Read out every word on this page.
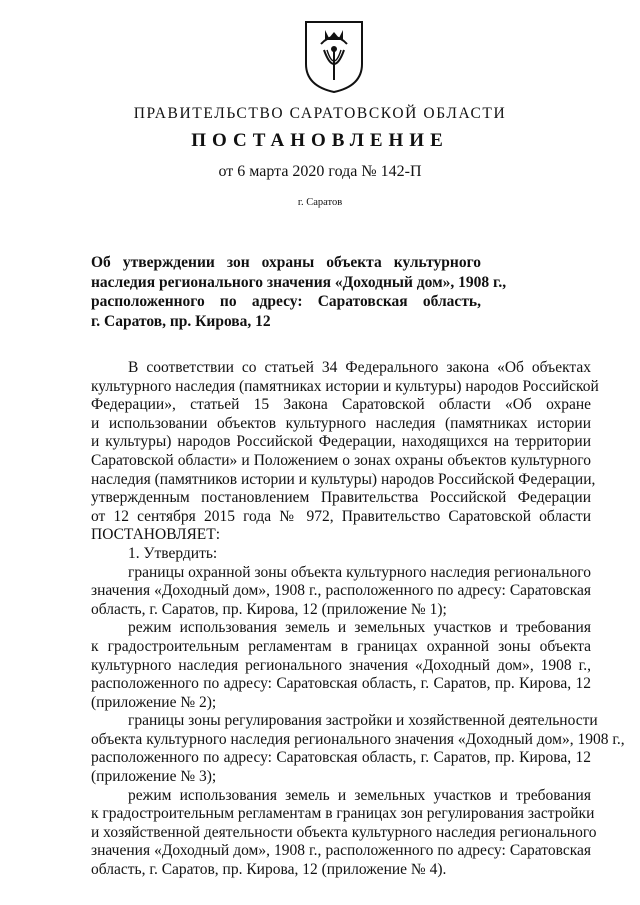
ПРАВИТЕЛЬСТВО САРАТОВСКОЙ ОБЛАСТИ
ПОСТАНОВЛЕНИЕ
от 6 марта 2020 года № 142-П
г. Саратов
Об утверждении зон охраны объекта культурного
наследия регионального значения «Доходный дом», 1908 г.,
расположенного по адресу: Саратовская область,
г. Саратов, пр. Кирова, 12
В соответствии со статьей 34 Федерального закона «Об объектах
культурного наследия (памятниках истории и культуры) народов Российской
Федерации», статьей 15 Закона Саратовской области «Об охране
и использовании объектов культурного наследия (памятниках истории
и культуры) народов Российской Федерации, находящихся на территории
Саратовской области» и Положением о зонах охраны объектов культурного
наследия (памятников истории и культуры) народов Российской Федерации,
утвержденным постановлением Правительства Российской Федерации
от 12 сентября 2015 года № 972, Правительство Саратовской области
ПОСТАНОВЛЯЕТ:
1. Утвердить:
границы охранной зоны объекта культурного наследия регионального
значения «Доходный дом», 1908 г., расположенного по адресу: Саратовская
область, г. Саратов, пр. Кирова, 12 (приложение № 1);
режим использования земель и земельных участков и требования
к градостроительным регламентам в границах охранной зоны объекта
культурного наследия регионального значения «Доходный дом», 1908 г.,
расположенного по адресу: Саратовская область, г. Саратов, пр. Кирова, 12
(приложение № 2);
границы зоны регулирования застройки и хозяйственной деятельности
объекта культурного наследия регионального значения «Доходный дом», 1908 г.,
расположенного по адресу: Саратовская область, г. Саратов, пр. Кирова, 12
(приложение № 3);
режим использования земель и земельных участков и требования
к градостроительным регламентам в границах зон регулирования застройки
и хозяйственной деятельности объекта культурного наследия регионального
значения «Доходный дом», 1908 г., расположенного по адресу: Саратовская
область, г. Саратов, пр. Кирова, 12 (приложение № 4).
